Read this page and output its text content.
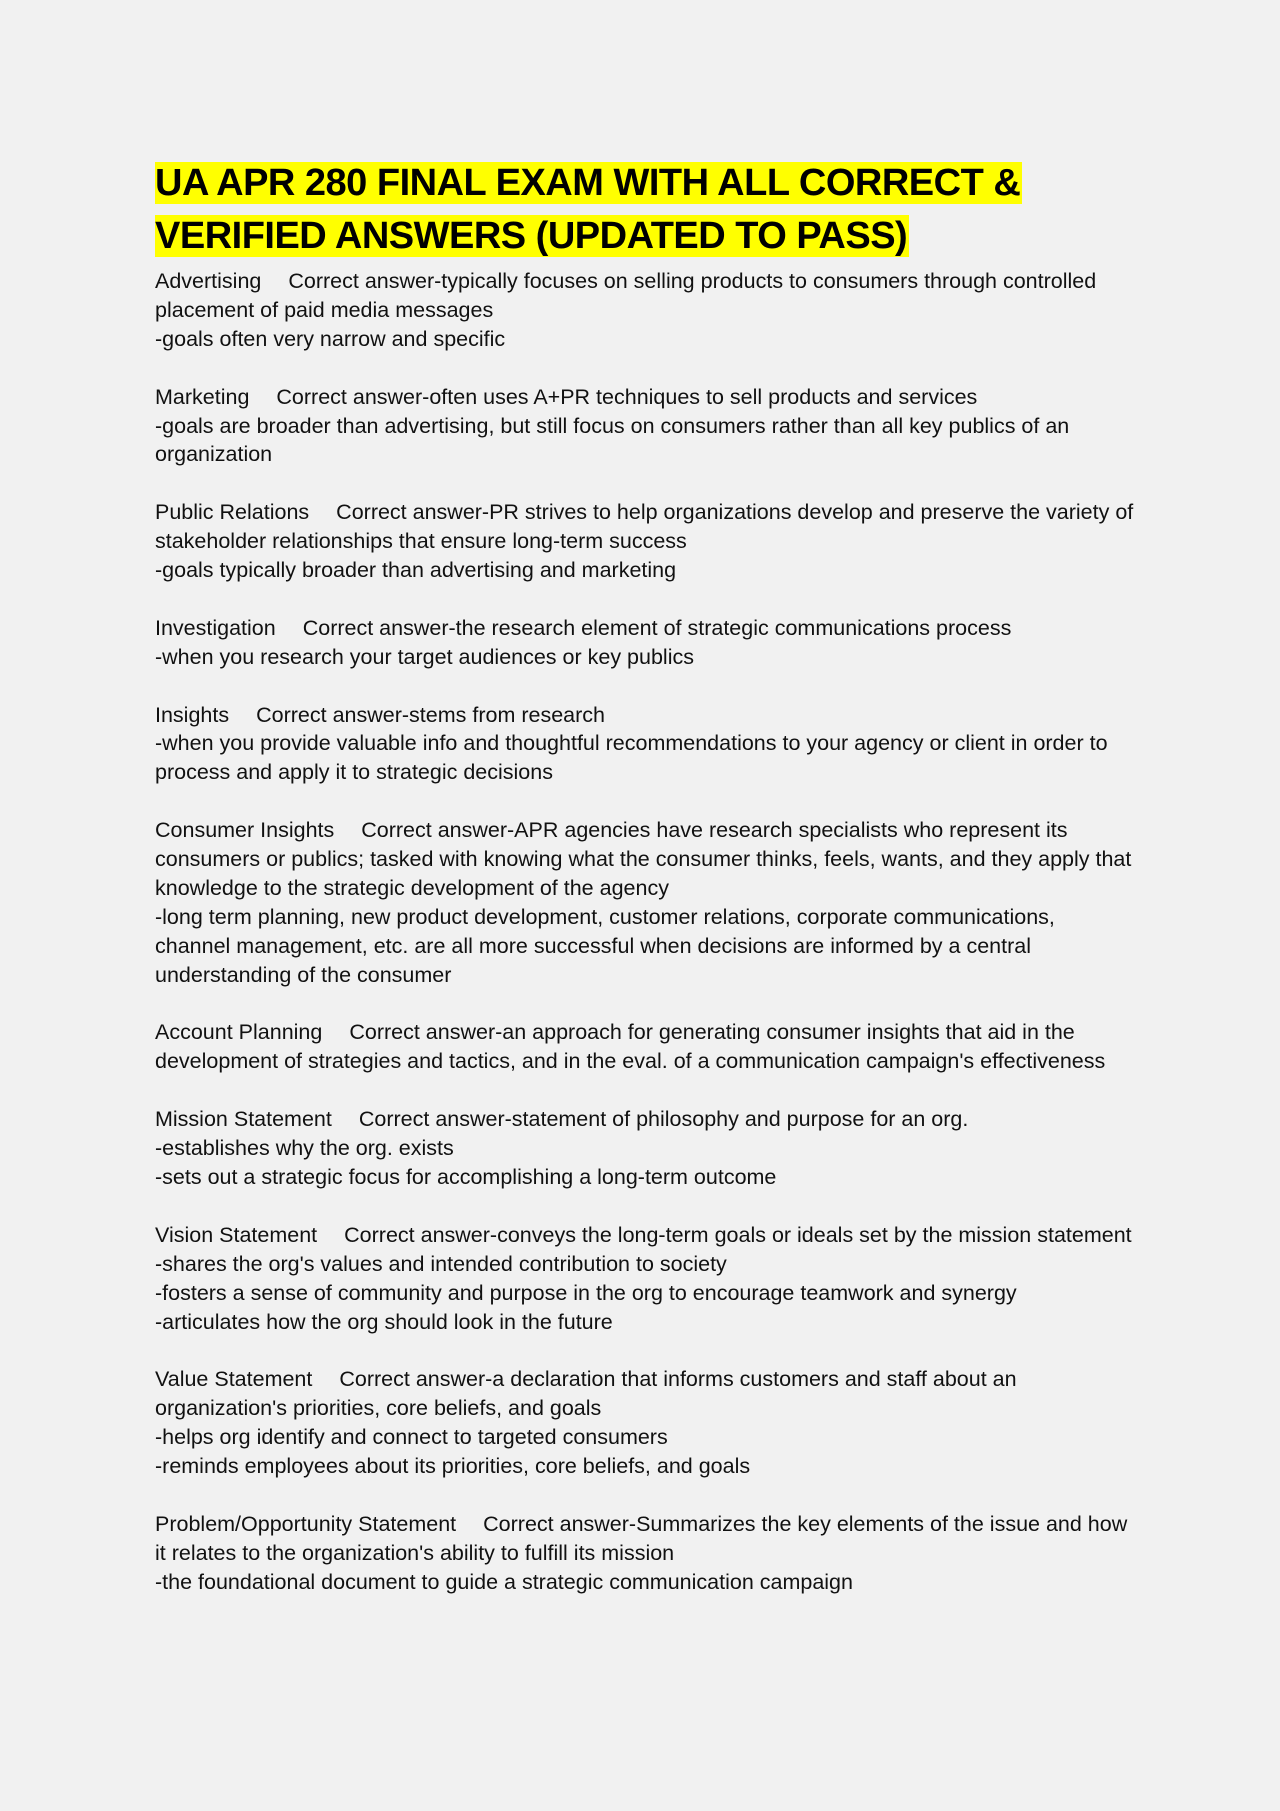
UA APR 280 FINAL EXAM WITH ALL CORRECT & VERIFIED ANSWERS (UPDATED TO PASS)
Advertising Correct answer-typically focuses on selling products to consumers through controlled placement of paid media messages
-goals often very narrow and specific
Marketing Correct answer-often uses A+PR techniques to sell products and services
-goals are broader than advertising, but still focus on consumers rather than all key publics of an organization
Public Relations Correct answer-PR strives to help organizations develop and preserve the variety of stakeholder relationships that ensure long-term success
-goals typically broader than advertising and marketing
Investigation Correct answer-the research element of strategic communications process
-when you research your target audiences or key publics
Insights Correct answer-stems from research
-when you provide valuable info and thoughtful recommendations to your agency or client in order to process and apply it to strategic decisions
Consumer Insights Correct answer-APR agencies have research specialists who represent its consumers or publics; tasked with knowing what the consumer thinks, feels, wants, and they apply that knowledge to the strategic development of the agency
-long term planning, new product development, customer relations, corporate communications, channel management, etc. are all more successful when decisions are informed by a central understanding of the consumer
Account Planning Correct answer-an approach for generating consumer insights that aid in the development of strategies and tactics, and in the eval. of a communication campaign's effectiveness
Mission Statement Correct answer-statement of philosophy and purpose for an org.
-establishes why the org. exists
-sets out a strategic focus for accomplishing a long-term outcome
Vision Statement Correct answer-conveys the long-term goals or ideals set by the mission statement
-shares the org's values and intended contribution to society
-fosters a sense of community and purpose in the org to encourage teamwork and synergy
-articulates how the org should look in the future
Value Statement Correct answer-a declaration that informs customers and staff about an organization's priorities, core beliefs, and goals
-helps org identify and connect to targeted consumers
-reminds employees about its priorities, core beliefs, and goals
Problem/Opportunity Statement Correct answer-Summarizes the key elements of the issue and how it relates to the organization's ability to fulfill its mission
-the foundational document to guide a strategic communication campaign
